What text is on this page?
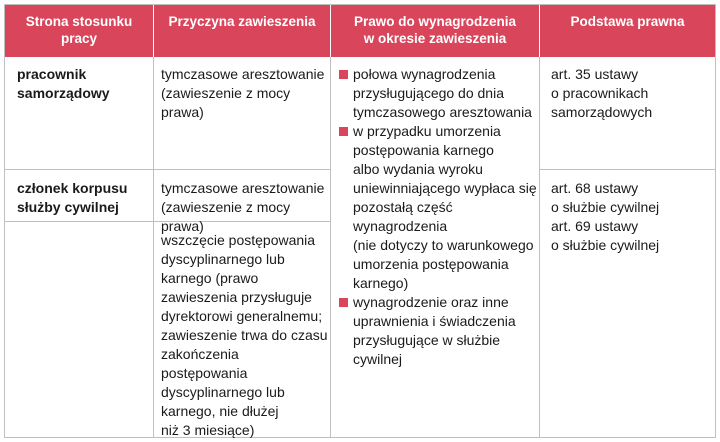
Strona stosunku
pracy
Przyczyna zawieszenia	Prawo do wynagrodzenia
w okresie zawieszenia
Podstawa prawna
pracownik
samorządowy
tymczasowe aresztowanie
(zawieszenie z mocy prawa)
art. 35 ustawy
o pracownikach
samorządowych
połowa wynagrodzenia
przysługującego do dnia
tymczasowego aresztowania
w przypadku umorzenia
postępowania karnego
albo wydania wyroku
uniewinniającego wypłaca się
pozostałą część wynagrodzenia
(nie dotyczy to warunkowego
umorzenia postępowania
karnego)
wynagrodzenie oraz inne
uprawnienia i świadczenia
przysługujące w służbie
cywilnej
członek korpusu
służby cywilnej
tymczasowe aresztowanie
(zawieszenie z mocy prawa)
wszczęcie postępowania
dyscyplinarnego lub
karnego (prawo
zawieszenia przysługuje
dyrektorowi generalnemu;
zawieszenie trwa do czasu
zakończenia postępowania
dyscyplinarnego lub
karnego, nie dłużej
niż 3 miesiące)
art. 68 ustawy
o służbie cywilnej
art. 69 ustawy
o służbie cywilnej
